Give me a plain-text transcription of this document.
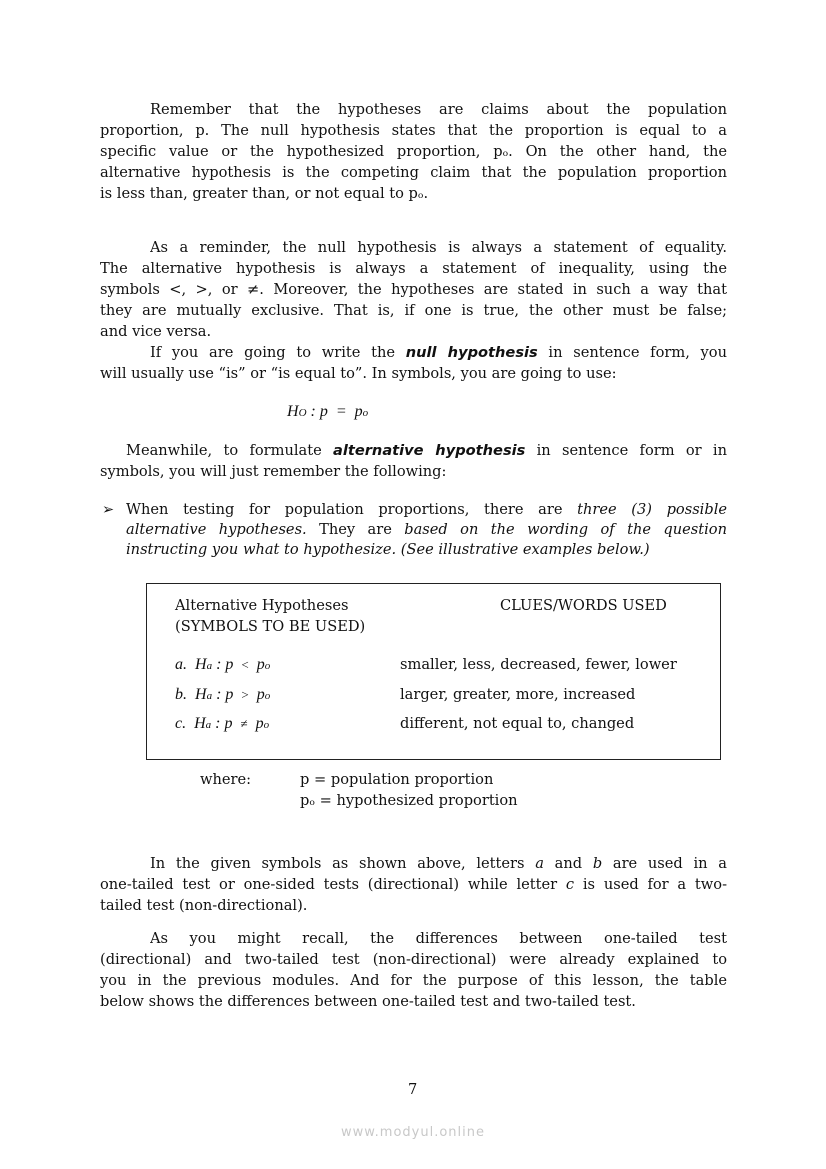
Remember that the hypotheses are claims about the population
proportion, p. The null hypothesis states that the proportion is equal to a
specific value or the hypothesized proportion, pₒ. On the other hand, the
alternative hypothesis is the competing claim that the population proportion
is less than, greater than, or not equal to pₒ.
As a reminder, the null hypothesis is always a statement of equality.
The alternative hypothesis is always a statement of inequality, using the
symbols <, >, or ≠. Moreover, the hypotheses are stated in such a way that
they are mutually exclusive. That is, if one is true, the other must be false;
and vice versa.
If you are going to write the null hypothesis in sentence form, you
will usually use “is” or “is equal to”. In symbols, you are going to use:
Meanwhile, to formulate alternative hypothesis in sentence form or in
symbols, you will just remember the following:
In the given symbols as shown above, letters a and b are used in a
one-tailed test or one-sided tests (directional) while letter c is used for a two-
tailed test (non-directional).
As you might recall, the differences between one-tailed test
(directional) and two-tailed test (non-directional) were already explained to
you in the previous modules. And for the purpose of this lesson, the table
below shows the differences between one-tailed test and two-tailed test.
HO : p  =  po
➢ When testing for population proportions, there are three (3) possible
alternative hypotheses. They are based on the wording of the question
instructing you what to hypothesize. (See illustrative examples below.)
Alternative Hypotheses
(SYMBOLS TO BE USED)
CLUES/WORDS USED
a.  Ha : p  <  po	smaller, less, decreased, fewer, lower
b.  Ha : p  >  po	larger, greater, more, increased
c.  Ha : p  ≠  po	different, not equal to, changed
where:	p = population proportion
pₒ = hypothesized proportion
7
www.modyul.online
